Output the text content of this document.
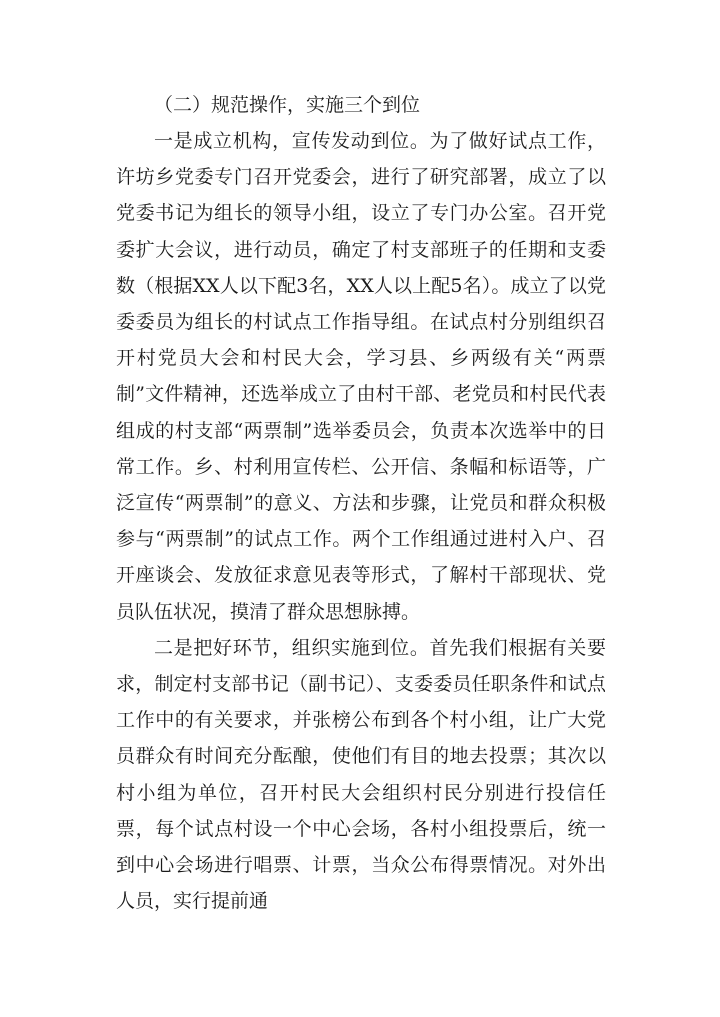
（二）规范操作，实施三个到位

一是成立机构，宣传发动到位。为了做好试点工作，许坊乡党委专门召开党委会，进行了研究部署，成立了以党委书记为组长的领导小组，设立了专门办公室。召开党委扩大会议，进行动员，确定了村支部班子的任期和支委数（根据XX人以下配3名，XX人以上配5名）。成立了以党委委员为组长的村试点工作指导组。在试点村分别组织召开村党员大会和村民大会，学习县、乡两级有关“两票制”文件精神，还选举成立了由村干部、老党员和村民代表组成的村支部“两票制”选举委员会，负责本次选举中的日常工作。乡、村利用宣传栏、公开信、条幅和标语等，广泛宣传“两票制”的意义、方法和步骤，让党员和群众积极参与“两票制”的试点工作。两个工作组通过进村入户、召开座谈会、发放征求意见表等形式，了解村干部现状、党员队伍状况，摸清了群众思想脉搏。

二是把好环节，组织实施到位。首先我们根据有关要求，制定村支部书记（副书记）、支委委员任职条件和试点工作中的有关要求，并张榜公布到各个村小组，让广大党员群众有时间充分酝酿，使他们有目的地去投票；其次以村小组为单位，召开村民大会组织村民分别进行投信任票，每个试点村设一个中心会场，各村小组投票后，统一到中心会场进行唱票、计票，当众公布得票情况。对外出人员，实行提前通
